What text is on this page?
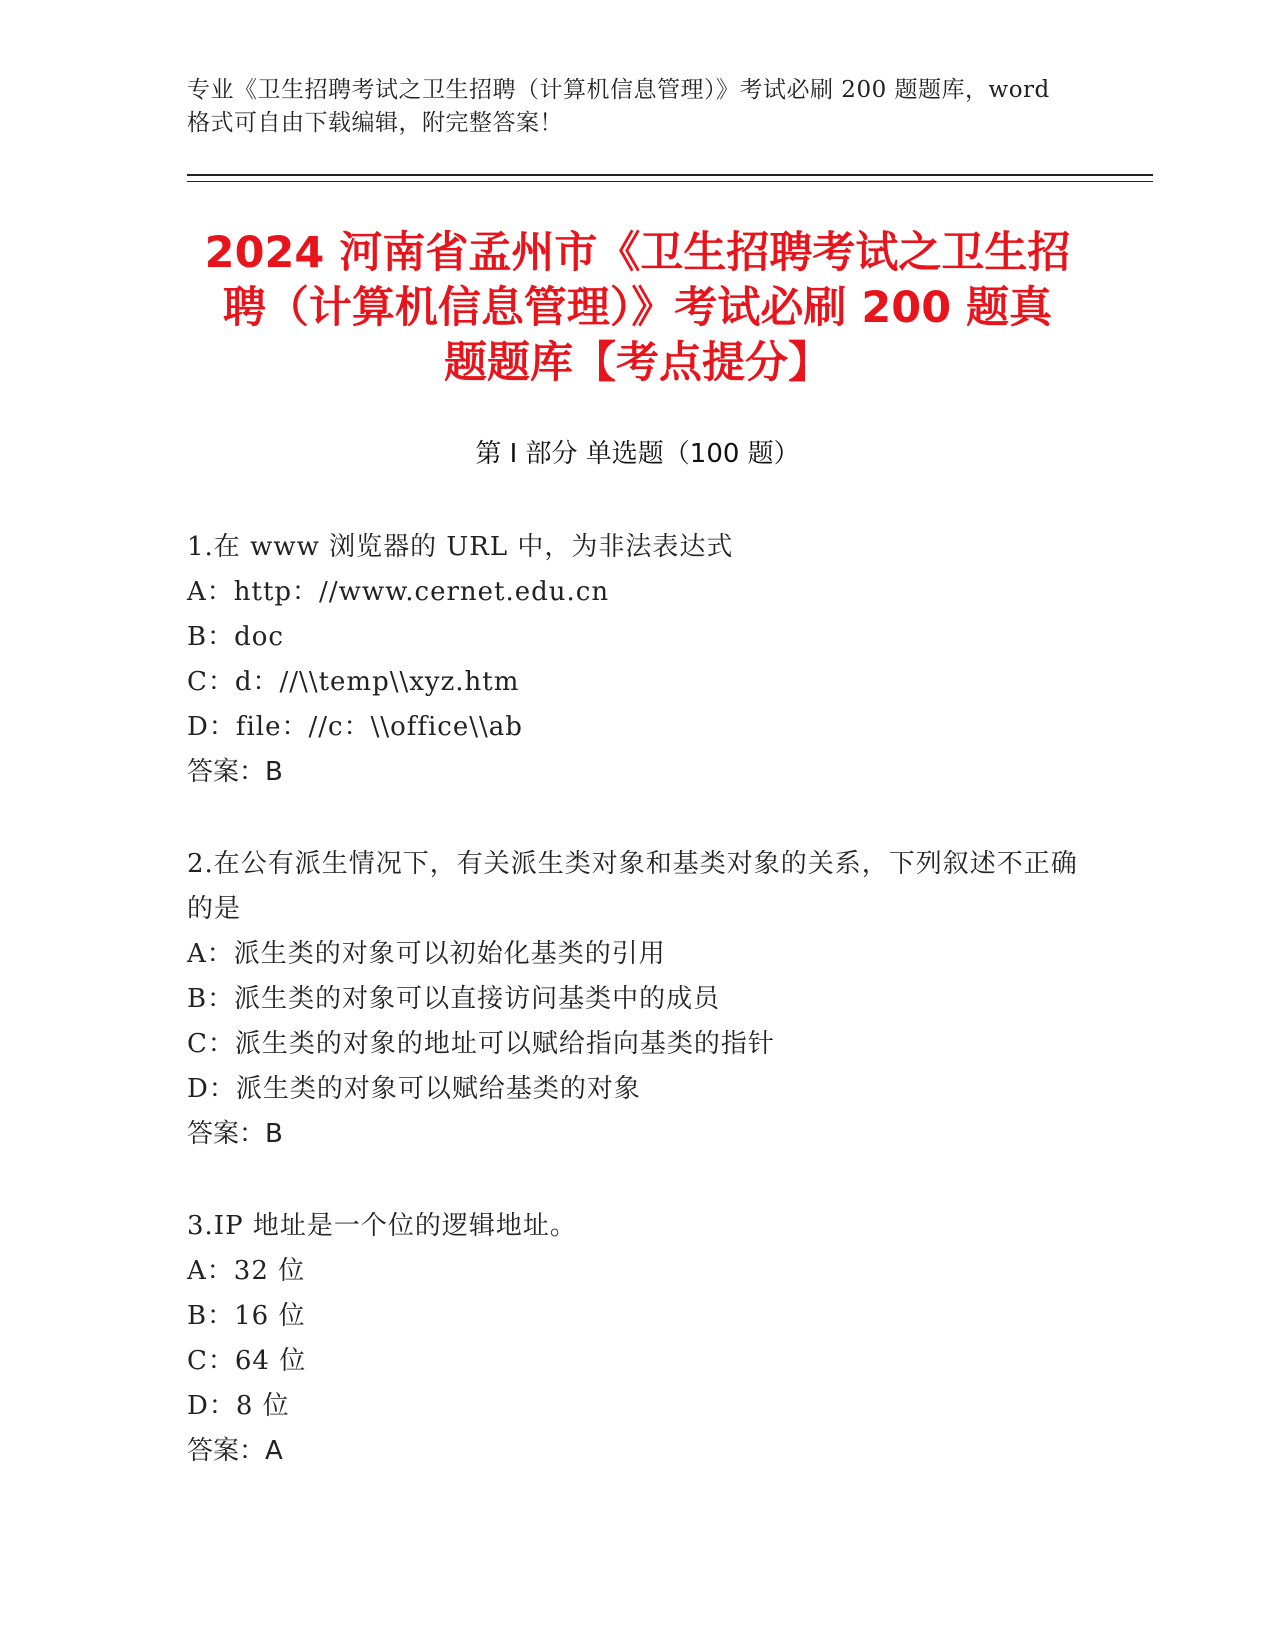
专业《卫生招聘考试之卫生招聘（计算机信息管理）》考试必刷 200 题题库，word
格式可自由下载编辑，附完整答案！
2024 河南省孟州市《卫生招聘考试之卫生招
聘（计算机信息管理）》考试必刷 200 题真
题题库【考点提分】
第 I 部分 单选题（100 题）

1.在 www 浏览器的 URL 中，为非法表达式

A：http：//www.cernet.edu.cn

B：doc

C：d：//\\temp\\xyz.htm

D：file：//c：\\office\\ab

答案：B

2.在公有派生情况下，有关派生类对象和基类对象的关系，下列叙述不正确的是

A：派生类的对象可以初始化基类的引用

B：派生类的对象可以直接访问基类中的成员

C：派生类的对象的地址可以赋给指向基类的指针

D：派生类的对象可以赋给基类的对象

答案：B

3.IP 地址是一个位的逻辑地址。

A：32 位

B：16 位

C：64 位

D：8 位

答案：A
